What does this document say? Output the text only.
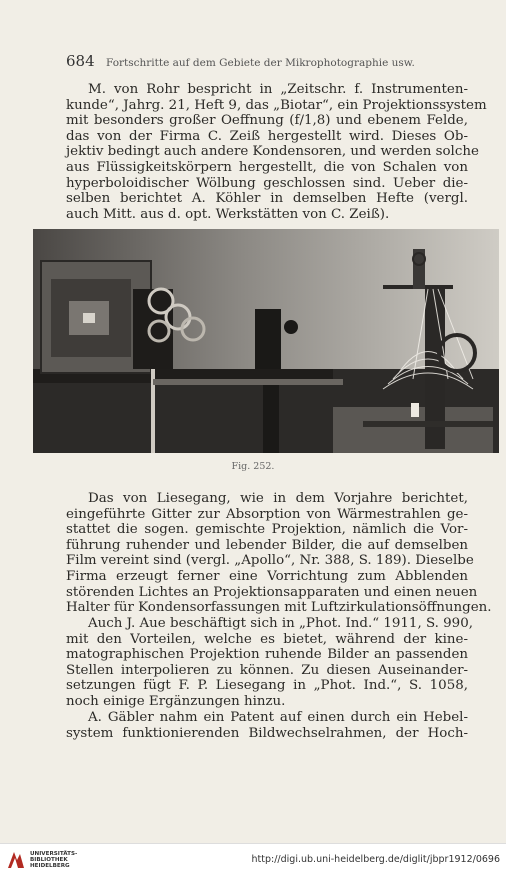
684 Fortschritte auf dem Gebiete der Mikrophotographie usw.

M. von Rohr bespricht in „Zeitschr. f. Instrumenten-
kunde“, Jahrg. 21, Heft 9, das „Biotar“, ein Projektionssystem
mit besonders großer Oeffnung (f/1,8) und ebenem Felde,
das von der Firma C. Zeiß hergestellt wird. Dieses Ob-
jektiv bedingt auch andere Kondensoren, und werden solche
aus Flüssigkeitskörpern hergestellt, die von Schalen von
hyperboloidischer Wölbung geschlossen sind. Ueber die-
selben berichtet A. Köhler in demselben Hefte (vergl.
auch Mitt. aus d. opt. Werkstätten von C. Zeiß).

Fig. 252.

Das von Liesegang, wie in dem Vorjahre berichtet,
eingeführte Gitter zur Absorption von Wärmestrahlen ge-
stattet die sogen. gemischte Projektion, nämlich die Vor-
führung ruhender und lebender Bilder, die auf demselben
Film vereint sind (vergl. „Apollo“, Nr. 388, S. 189). Dieselbe
Firma erzeugt ferner eine Vorrichtung zum Abblenden
störenden Lichtes an Projektionsapparaten und einen neuen
Halter für Kondensorfassungen mit Luftzirkulationsöffnungen.

Auch J. Aue beschäftigt sich in „Phot. Ind.“ 1911, S. 990,
mit den Vorteilen, welche es bietet, während der kine-
matographischen Projektion ruhende Bilder an passenden
Stellen interpolieren zu können. Zu diesen Auseinander-
setzungen fügt F. P. Liesegang in „Phot. Ind.“, S. 1058,
noch einige Ergänzungen hinzu.

A. Gäbler nahm ein Patent auf einen durch ein Hebel-
system funktionierenden Bildwechselrahmen, der Hoch-

UNIVERSITÄTS-
BIBLIOTHEK
HEIDELBERG
http://digi.ub.uni-heidelberg.de/diglit/jbpr1912/0696
